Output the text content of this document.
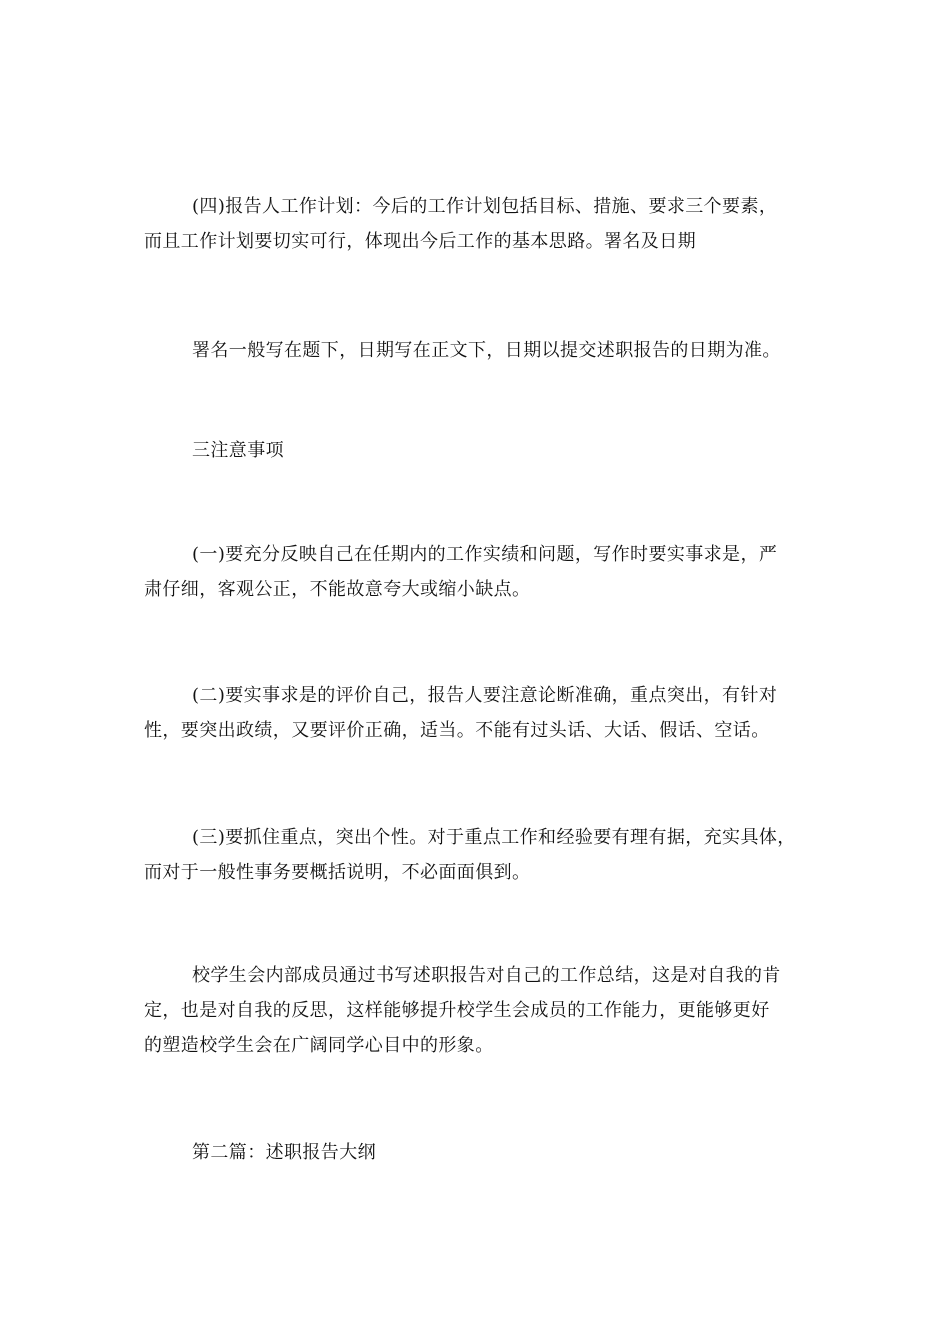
(四)报告人工作计划：今后的工作计划包括目标、措施、要求三个要素，
而且工作计划要切实可行，体现出今后工作的基本思路。署名及日期
署名一般写在题下，日期写在正文下，日期以提交述职报告的日期为准。
三注意事项
(一)要充分反映自己在任期内的工作实绩和问题，写作时要实事求是，严
肃仔细，客观公正，不能故意夸大或缩小缺点。
(二)要实事求是的评价自己，报告人要注意论断准确，重点突出，有针对
性，要突出政绩，又要评价正确，适当。不能有过头话、大话、假话、空话。
(三)要抓住重点，突出个性。对于重点工作和经验要有理有据，充实具体，
而对于一般性事务要概括说明，不必面面俱到。
校学生会内部成员通过书写述职报告对自己的工作总结，这是对自我的肯
定，也是对自我的反思，这样能够提升校学生会成员的工作能力，更能够更好
的塑造校学生会在广阔同学心目中的形象。
第二篇：述职报告大纲
